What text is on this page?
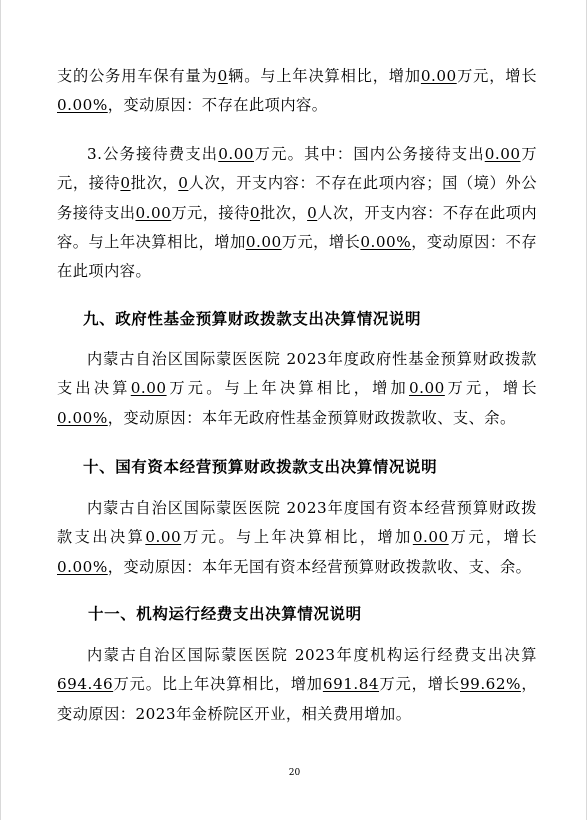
支的公务用车保有量为0辆。与上年决算相比，增加0.00万元，增长0.00%，变动原因：不存在此项内容。

3.公务接待费支出0.00万元。其中：国内公务接待支出0.00万元，接待0批次，0人次，开支内容：不存在此项内容；国（境）外公务接待支出0.00万元，接待0批次，0人次，开支内容：不存在此项内容。与上年决算相比，增加0.00万元，增长0.00%，变动原因：不存在此项内容。

九、政府性基金预算财政拨款支出决算情况说明

内蒙古自治区国际蒙医医院 2023年度政府性基金预算财政拨款支出决算0.00万元。与上年决算相比，增加0.00万元，增长0.00%，变动原因：本年无政府性基金预算财政拨款收、支、余。

十、国有资本经营预算财政拨款支出决算情况说明

内蒙古自治区国际蒙医医院 2023年度国有资本经营预算财政拨款支出决算0.00万元。与上年决算相比，增加0.00万元，增长0.00%，变动原因：本年无国有资本经营预算财政拨款收、支、余。

十一、机构运行经费支出决算情况说明

内蒙古自治区国际蒙医医院 2023年度机构运行经费支出决算694.46万元。比上年决算相比，增加691.84万元，增长99.62%，变动原因：2023年金桥院区开业，相关费用增加。

20
